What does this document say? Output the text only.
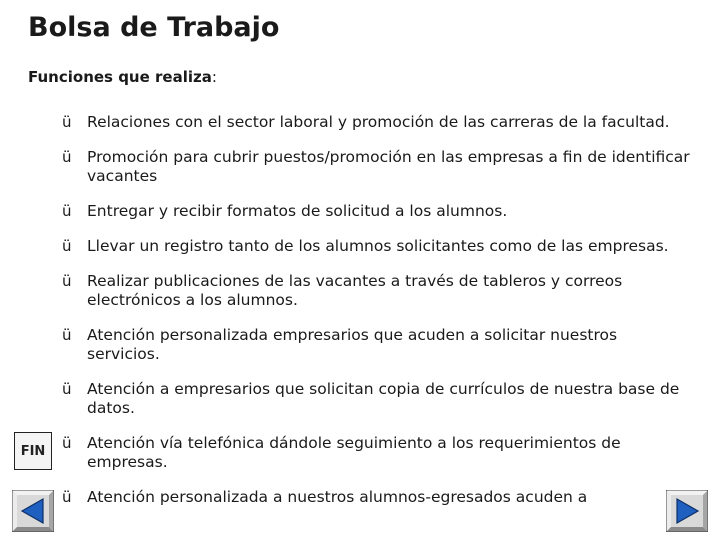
Bolsa de Trabajo
Funciones que realiza:
ü Relaciones con el sector laboral y promoción de las carreras de la facultad.
ü Promoción para cubrir puestos/promoción en las empresas a fin de identificar vacantes
ü Entregar y recibir formatos de solicitud a los alumnos.
ü Llevar un registro tanto de los alumnos solicitantes como de las empresas.
ü Realizar publicaciones de las vacantes a través de tableros y correos electrónicos a los alumnos.
ü Atención personalizada empresarios que acuden a solicitar nuestros servicios.
ü Atención a empresarios que solicitan copia de currículos de nuestra base de datos.
ü Atención vía telefónica dándole seguimiento a los requerimientos de empresas.
ü Atención personalizada a nuestros alumnos-egresados acuden a
FIN
